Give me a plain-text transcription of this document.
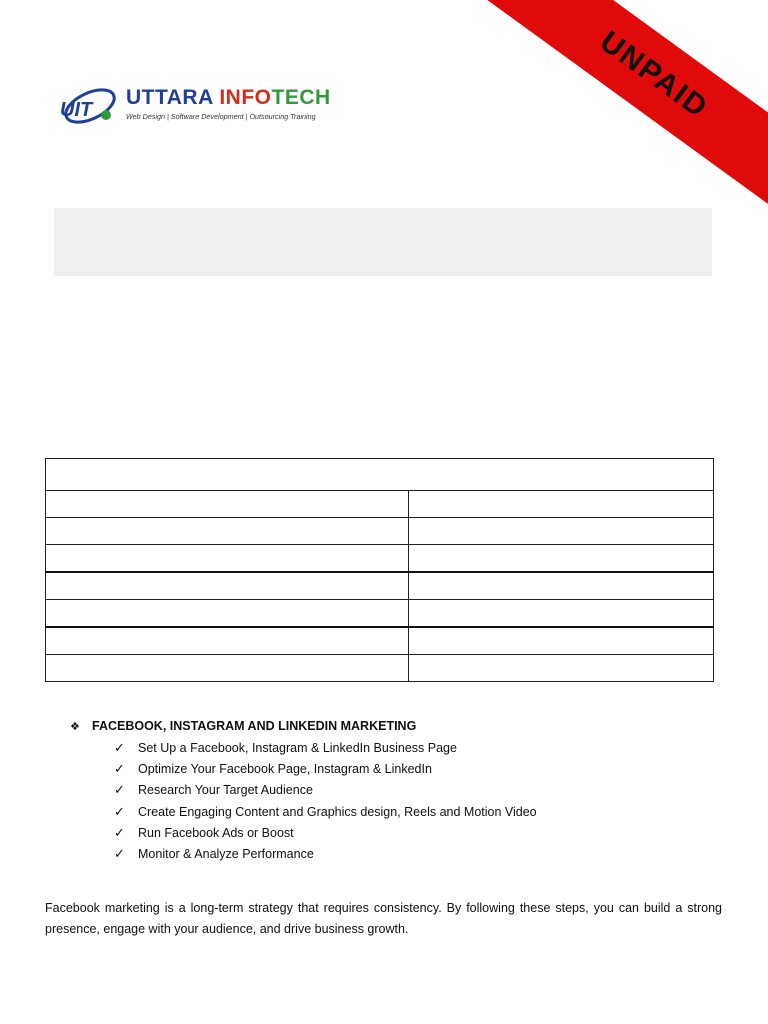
UIT
UTTARA INFOTECH
Web Design | Software Development | Outsourcing Training	UNPAID

❖ FACEBOOK, INSTAGRAM AND LINKEDIN MARKETING
✓	Set Up a Facebook, Instagram & LinkedIn Business Page
✓	Optimize Your Facebook Page, Instagram & LinkedIn
✓	Research Your Target Audience
✓	Create Engaging Content and Graphics design, Reels and Motion Video
✓	Run Facebook Ads or Boost
✓	Monitor & Analyze Performance

Facebook marketing is a long-term strategy that requires consistency. By following these steps, you can build a strong presence, engage with your audience, and drive business growth.
